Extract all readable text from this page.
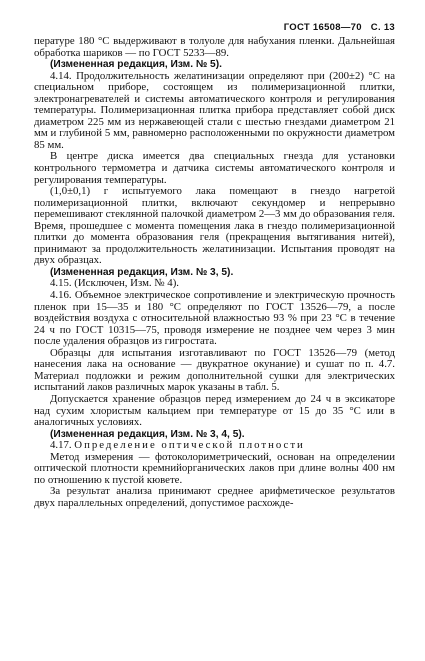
ГОСТ 16508—70 С. 13

пературе 180 °С выдерживают в толуоле для набухания пленки. Дальнейшая обработка шариков — по ГОСТ 5233—89.

(Измененная редакция, Изм. № 5).

4.14. Продолжительность желатинизации определяют при (200±2) °С на специальном приборе, состоящем из полимеризационной плитки, электронагревателей и системы автоматического контроля и регулирования температуры. Полимеризационная плитка прибора представляет собой диск диаметром 225 мм из нержавеющей стали с шестью гнездами диаметром 21 мм и глубиной 5 мм, равномерно расположенными по окружности диаметром 85 мм.

В центре диска имеется два специальных гнезда для установки контрольного термометра и датчика системы автоматического контроля и регулирования температуры.

(1,0±0,1) г испытуемого лака помещают в гнездо нагретой полимеризационной плитки, включают секундомер и непрерывно перемешивают стеклянной палочкой диаметром 2—3 мм до образования геля. Время, прошедшее с момента помещения лака в гнездо полимеризационной плитки до момента образования геля (прекращения вытягивания нитей), принимают за продолжительность желатинизации. Испытания проводят на двух образцах.

(Измененная редакция, Изм. № 3, 5).

4.15. (Исключен, Изм. № 4).

4.16. Объемное электрическое сопротивление и электрическую прочность пленок при 15—35 и 180 °С определяют по ГОСТ 13526—79, а после воздействия воздуха с относительной влажностью 93 % при 23 °С в течение 24 ч по ГОСТ 10315—75, проводя измерение не позднее чем через 3 мин после удаления образцов из гигростата.

Образцы для испытания изготавливают по ГОСТ 13526—79 (метод нанесения лака на основание — двукратное окунание) и сушат по п. 4.7. Материал подложки и режим дополнительной сушки для электрических испытаний лаков различных марок указаны в табл. 5.

Допускается хранение образцов перед измерением до 24 ч в эксикаторе над сухим хлористым кальцием при температуре от 15 до 35 °С или в аналогичных условиях.

(Измененная редакция, Изм. № 3, 4, 5).

4.17. Определение оптической плотности

Метод измерения — фотоколориметрический, основан на определении оптической плотности кремнийорганических лаков при длине волны 400 нм по отношению к пустой кювете.

За результат анализа принимают среднее арифметическое результатов двух параллельных определений, допустимое расхожде-
